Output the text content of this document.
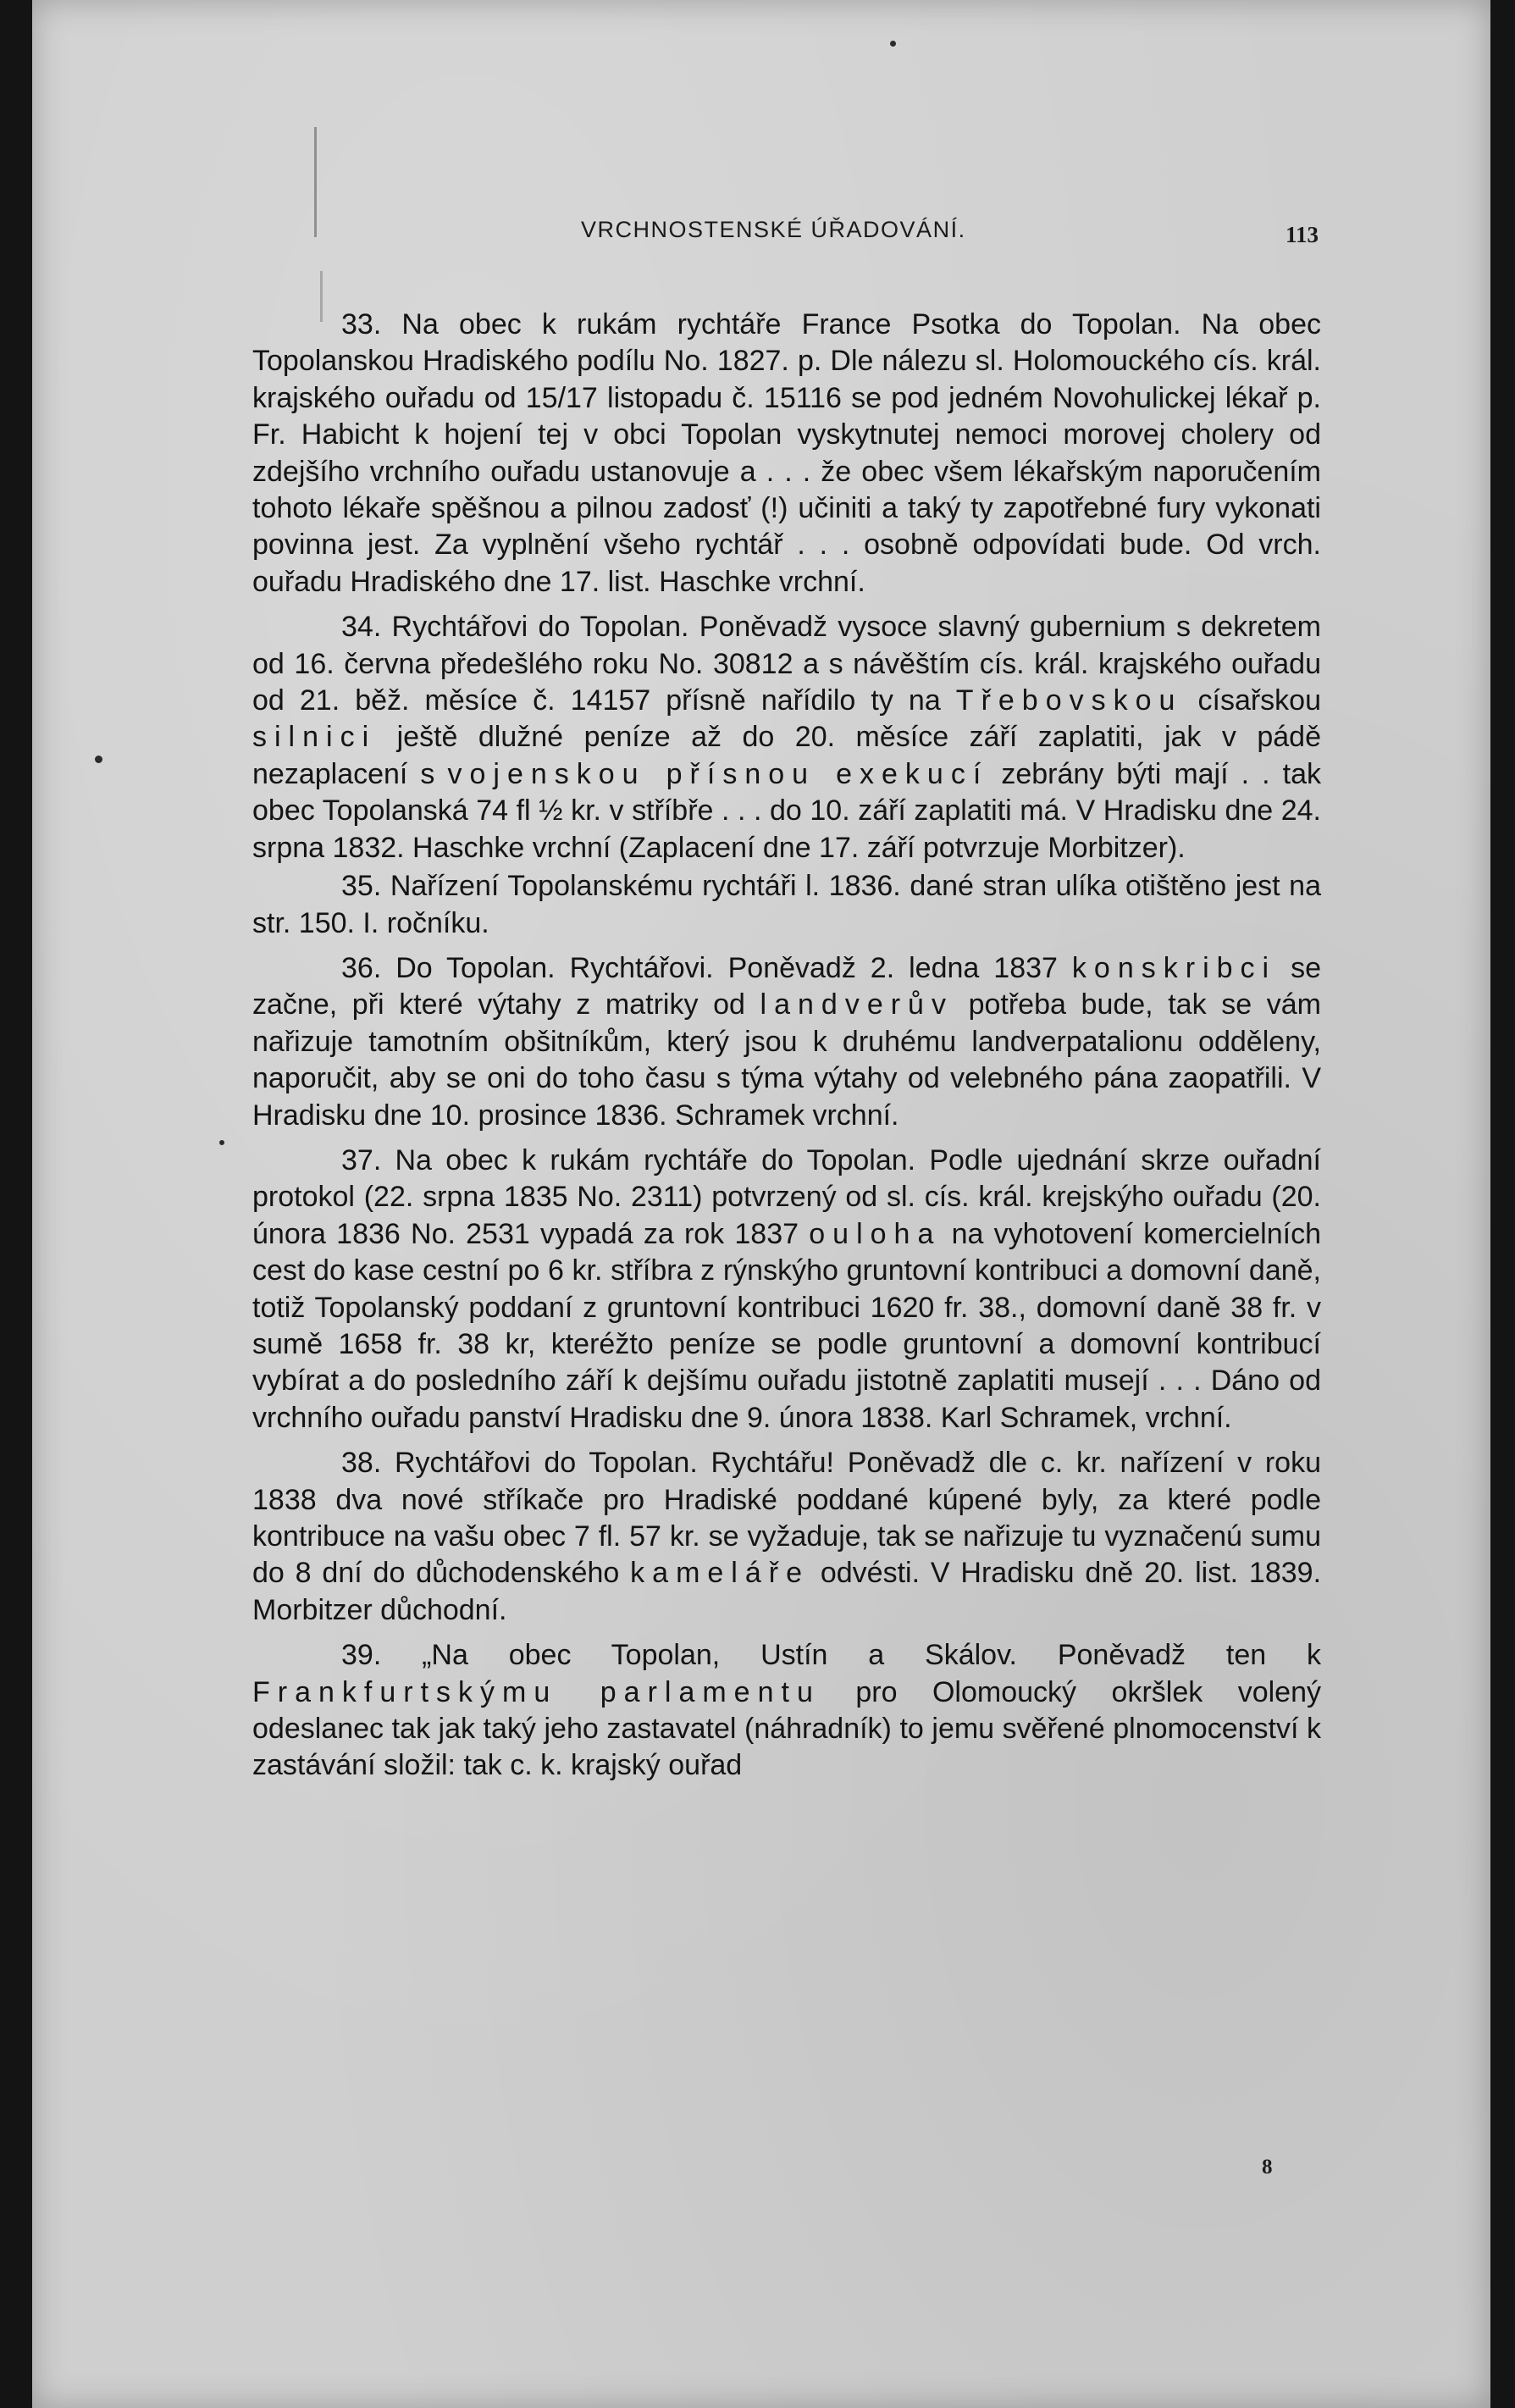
VRCHNOSTENSKÉ ÚŘADOVÁNÍ.	113

33. Na obec k rukám rychtáře France Psotka do Topolan. Na obec Topolanskou Hradiského podílu No. 1827. p. Dle nálezu sl. Holomouckého cís. král. krajského ouřadu od 15/17 listopadu č. 15116 se pod jedném Novohulickej lékař p. Fr. Habicht k hojení tej v obci Topolan vyskytnutej nemoci morovej cholery od zdejšího vrchního ouřadu ustanovuje a . . . že obec všem lékařským naporučením tohoto lékaře spěšnou a pilnou zadosť (!) učiniti a taký ty zapotřebné fury vykonati povinna jest. Za vyplnění všeho rychtář . . . osobně odpovídati bude. Od vrch. ouřadu Hradiského dne 17. list. Haschke vrchní.

34. Rychtářovi do Topolan. Poněvadž vysoce slavný gubernium s dekretem od 16. června předešlého roku No. 30812 a s návěštím cís. král. krajského ouřadu od 21. běž. měsíce č. 14157 přísně nařídilo ty na Třebovskou císařskou silnici ještě dlužné peníze až do 20. měsíce září zaplatiti, jak v pádě nezaplacení s vojenskou přísnou exekucí zebrány býti mají . . tak obec Topolanská 74 fl ½ kr. v stříbře . . . do 10. září zaplatiti má. V Hradisku dne 24. srpna 1832. Haschke vrchní (Zaplacení dne 17. září potvrzuje Morbitzer).

35. Nařízení Topolanskému rychtáři l. 1836. dané stran ulíka otištěno jest na str. 150. I. ročníku.

36. Do Topolan. Rychtářovi. Poněvadž 2. ledna 1837 konskribci se začne, při které výtahy z matriky od landverův potřeba bude, tak se vám nařizuje tamotním obšitníkům, který jsou k druhému landverpatalionu odděleny, naporučit, aby se oni do toho času s týma výtahy od velebného pána zaopatřili. V Hradisku dne 10. prosince 1836. Schramek vrchní.

37. Na obec k rukám rychtáře do Topolan. Podle ujednání skrze ouřadní protokol (22. srpna 1835 No. 2311) potvrzený od sl. cís. král. krejskýho ouřadu (20. února 1836 No. 2531 vypadá za rok 1837 ouloha na vyhotovení komercielních cest do kase cestní po 6 kr. stříbra z rýnskýho gruntovní kontribuci a domovní daně, totiž Topolanský poddaní z gruntovní kontribuci 1620 fr. 38., domovní daně 38 fr. v sumě 1658 fr. 38 kr, kteréžto peníze se podle gruntovní a domovní kontribucí vybírat a do posledního září k dejšímu ouřadu jistotně zaplatiti musejí . . . Dáno od vrchního ouřadu panství Hradisku dne 9. února 1838. Karl Schramek, vrchní.

38. Rychtářovi do Topolan. Rychtářu! Poněvadž dle c. kr. nařízení v roku 1838 dva nové stříkače pro Hradiské poddané kúpené byly, za které podle kontribuce na vašu obec 7 fl. 57 kr. se vyžaduje, tak se nařizuje tu vyznačenú sumu do 8 dní do důchodenského kameláře odvésti. V Hradisku dně 20. list. 1839. Morbitzer důchodní.

39. „Na obec Topolan, Ustín a Skálov. Poněvadž ten k Frankfurtskýmu parlamentu pro Olomoucký okršlek volený odeslanec tak jak taký jeho zastavatel (náhradník) to jemu svěřené plnomocenství k zastávání složil: tak c. k. krajský ouřad

8
